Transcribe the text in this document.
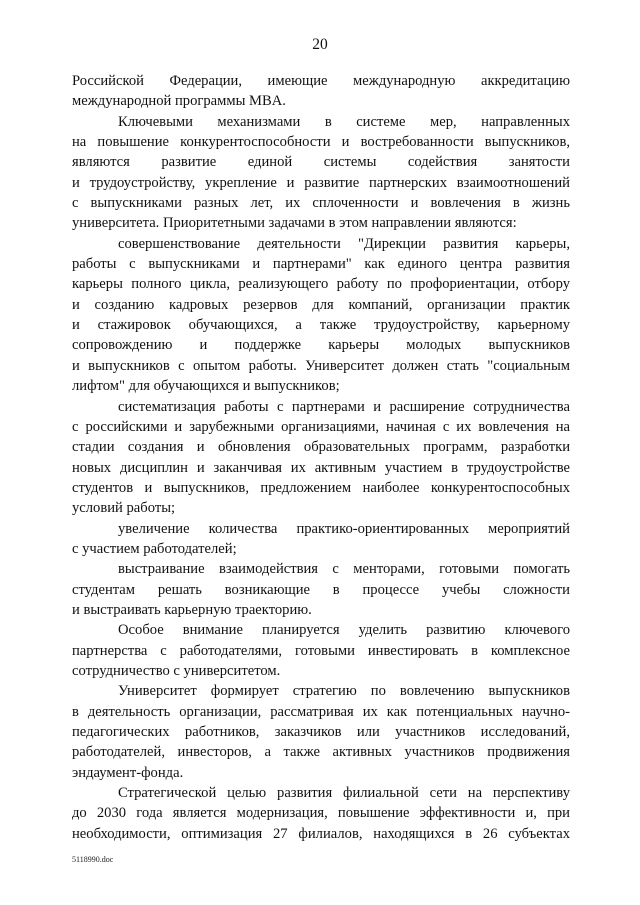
20
Российской Федерации, имеющие международную аккредитацию
международной программы MBA.
Ключевыми механизмами в системе мер, направленных
на повышение конкурентоспособности и востребованности выпускников,
являются развитие единой системы содействия занятости
и трудоустройству, укрепление и развитие партнерских взаимоотношений
с выпускниками разных лет, их сплоченности и вовлечения в жизнь
университета. Приоритетными задачами в этом направлении являются:
совершенствование деятельности "Дирекции развития карьеры,
работы с выпускниками и партнерами" как единого центра развития
карьеры полного цикла, реализующего работу по профориентации, отбору
и созданию кадровых резервов для компаний, организации практик
и стажировок обучающихся, а также трудоустройству, карьерному
сопровождению и поддержке карьеры молодых выпускников
и выпускников с опытом работы. Университет должен стать "социальным
лифтом" для обучающихся и выпускников;
систематизация работы с партнерами и расширение сотрудничества
с российскими и зарубежными организациями, начиная с их вовлечения на
стадии создания и обновления образовательных программ, разработки
новых дисциплин и заканчивая их активным участием в трудоустройстве
студентов и выпускников, предложением наиболее конкурентоспособных
условий работы;
увеличение количества практико-ориентированных мероприятий
с участием работодателей;
выстраивание взаимодействия с менторами, готовыми помогать
студентам решать возникающие в процессе учебы сложности
и выстраивать карьерную траекторию.
Особое внимание планируется уделить развитию ключевого
партнерства с работодателями, готовыми инвестировать в комплексное
сотрудничество с университетом.
Университет формирует стратегию по вовлечению выпускников
в деятельность организации, рассматривая их как потенциальных научно-
педагогических работников, заказчиков или участников исследований,
работодателей, инвесторов, а также активных участников продвижения
эндаумент-фонда.
Стратегической целью развития филиальной сети на перспективу
до 2030 года является модернизация, повышение эффективности и, при
необходимости, оптимизация 27 филиалов, находящихся в 26 субъектах
5118990.doc
